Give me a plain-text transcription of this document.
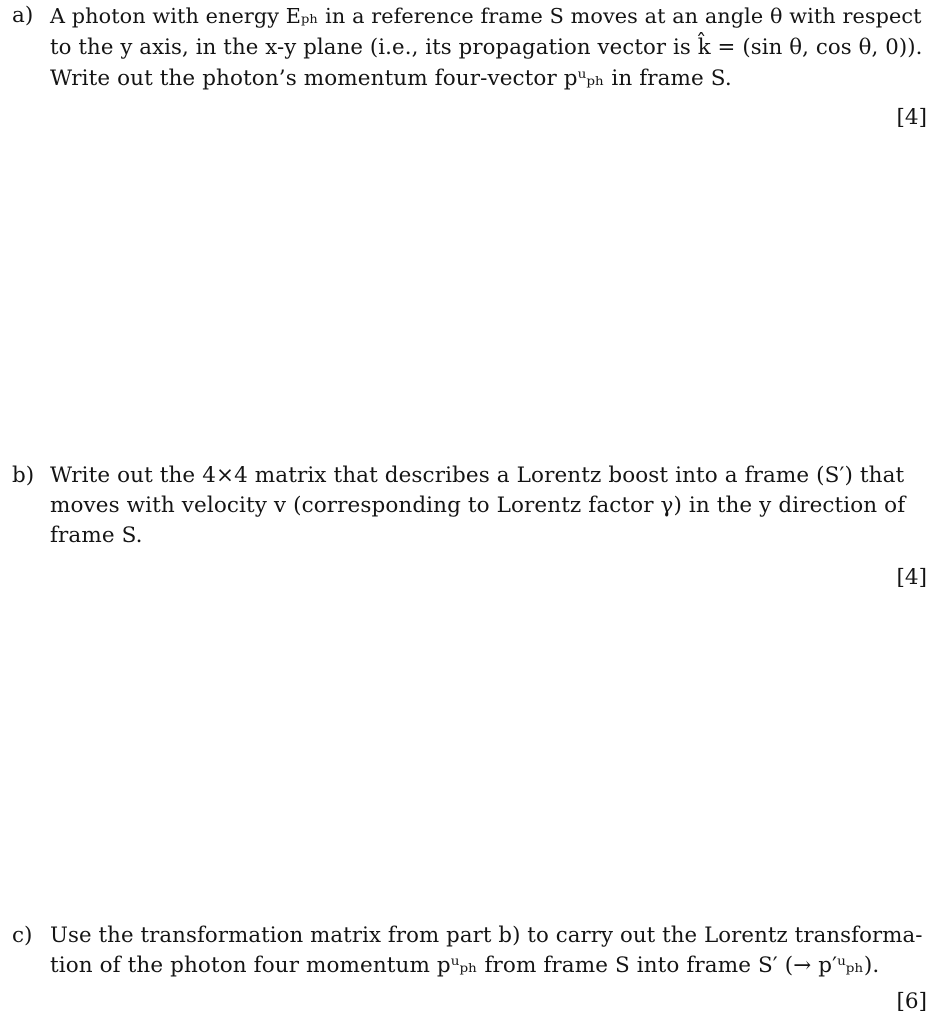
a) A photon with energy Eₚₕ in a reference frame S moves at an angle θ with respect
to the y axis, in the x-y plane (i.e., its propagation vector is k̂ = (sin θ, cos θ, 0)).
Write out the photon’s momentum four-vector pᵘₚₕ in frame S.
[4]
b) Write out the 4×4 matrix that describes a Lorentz boost into a frame (S′) that
moves with velocity v (corresponding to Lorentz factor γ) in the y direction of
frame S.
[4]
c) Use the transformation matrix from part b) to carry out the Lorentz transforma-
tion of the photon four momentum pᵘₚₕ from frame S into frame S′ (→ p′ᵘₚₕ).
[6]
